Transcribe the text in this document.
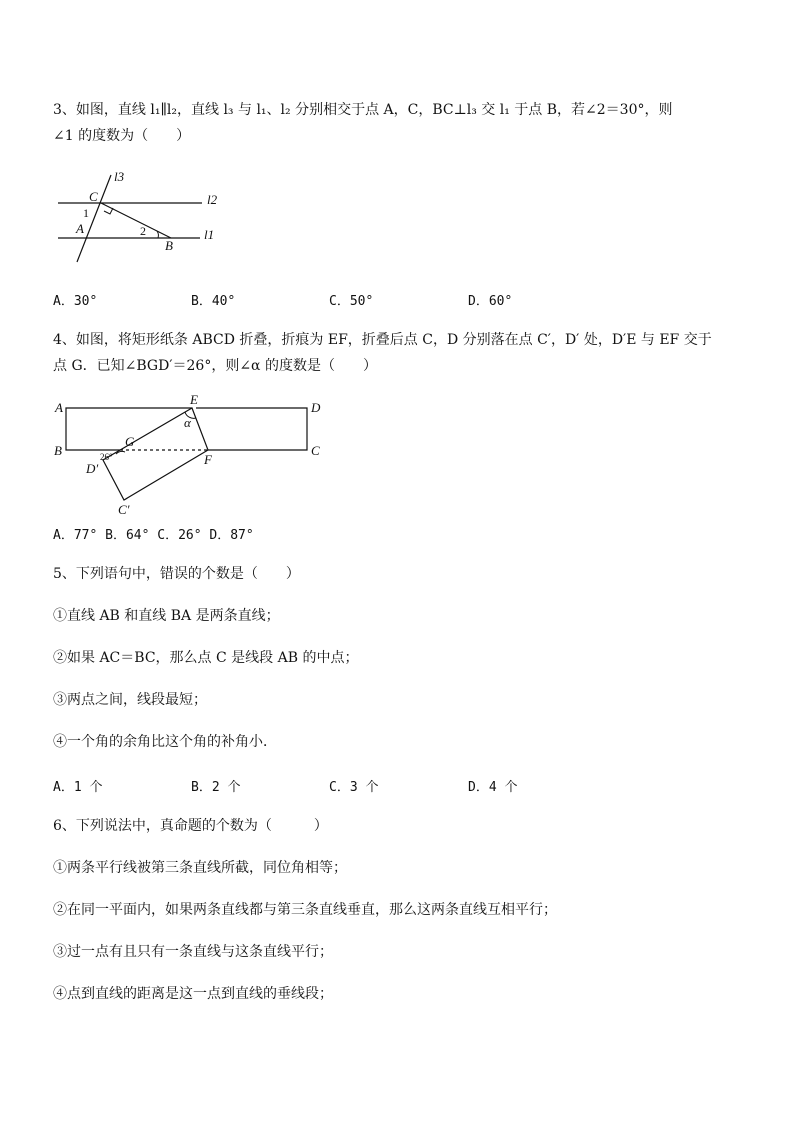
3、如图，直线 l₁∥l₂，直线 l₃ 与 l₁、l₂ 分别相交于点 A，C，BC⊥l₃ 交 l₁ 于点 B，若∠2＝30°，则
∠1 的度数为（　　）
l3
l2
l1
C
A
B
1
2
A．30°	B．40°	C．50°	D．60°
4、如图，将矩形纸条 ABCD 折叠，折痕为 EF，折叠后点 C，D 分别落在点 C′，D′ 处，D′E 与 EF 交于
点 G．已知∠BGD′＝26°，则∠α 的度数是（　　）
A
B	C
D
E
F
G
D′
C′
α
26°
A．77° B．64° C．26° D．87°
5、下列语句中，错误的个数是（　　）
①直线 AB 和直线 BA 是两条直线；
②如果 AC＝BC，那么点 C 是线段 AB 的中点；
③两点之间，线段最短；
④一个角的余角比这个角的补角小．
A．1 个	B．2 个	C．3 个	D．4 个
6、下列说法中，真命题的个数为（　　　）
①两条平行线被第三条直线所截，同位角相等；
②在同一平面内，如果两条直线都与第三条直线垂直，那么这两条直线互相平行；
③过一点有且只有一条直线与这条直线平行；
④点到直线的距离是这一点到直线的垂线段；
